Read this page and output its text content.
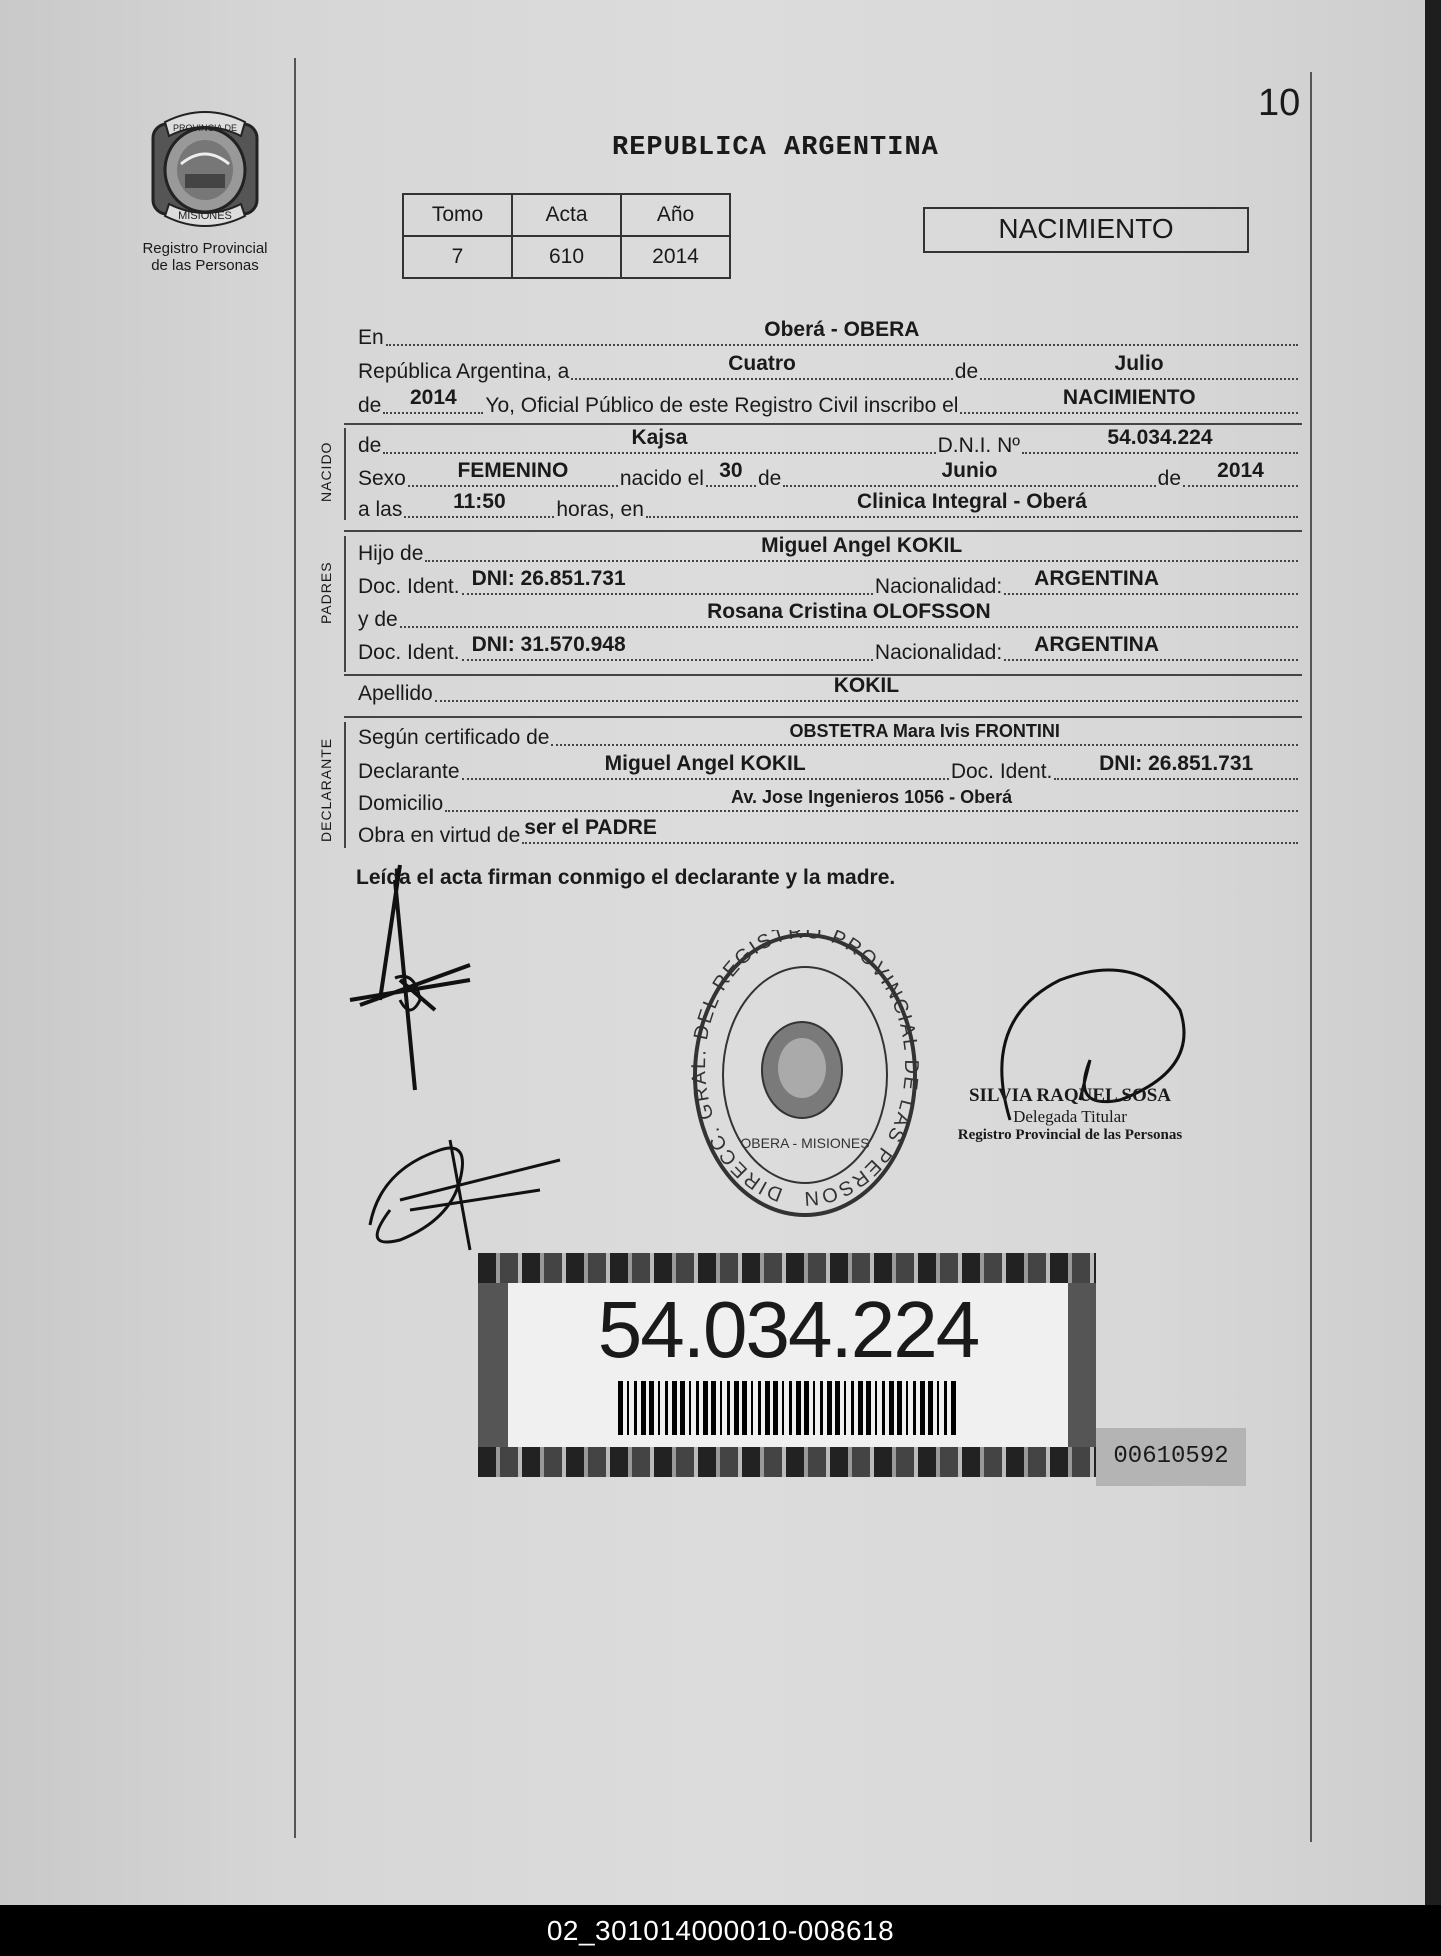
10
PROVINCIA DE
MISIONES
Registro Provincial
de las Personas
REPUBLICA ARGENTINA
Tomo	Acta	Año
7	610	2014
NACIMIENTO
En	Oberá - OBERA
República Argentina, a	Cuatro	de	Julio
de	2014	Yo, Oficial Público de este Registro Civil inscribo el	NACIMIENTO
NACIDO de	Kajsa	D.N.I. Nº	54.034.224
Sexo	FEMENINO	nacido el 30 de	Junio	de	2014
a las	11:50	horas, en	Clinica Integral - Oberá
PADRES
Hijo de	Miguel Angel KOKIL
Doc. Ident. DNI: 26.851.731	Nacionalidad: ARGENTINA
y de	Rosana Cristina OLOFSSON
Doc. Ident. DNI: 31.570.948	Nacionalidad: ARGENTINA
Apellido	KOKIL
DECLARANTE
Según certificado de	OBSTETRA Mara Ivis FRONTINI
Declarante	Miguel Angel KOKIL	Doc. Ident.	DNI: 26.851.731
Domicilio	Av. Jose Ingenieros 1056 - Oberá
Obra en virtud de ser el PADRE
Leída el acta firman conmigo el declarante y la madre.
DIRECC. GRAL. DEL REGISTRO PROVINCIAL DE LAS PERSON
OBERA - MISIONES
SILVIA RAQUEL SOSA
Delegada Titular
Registro Provincial de las Personas
54.034.224
00610592
02_301014000010-008618
